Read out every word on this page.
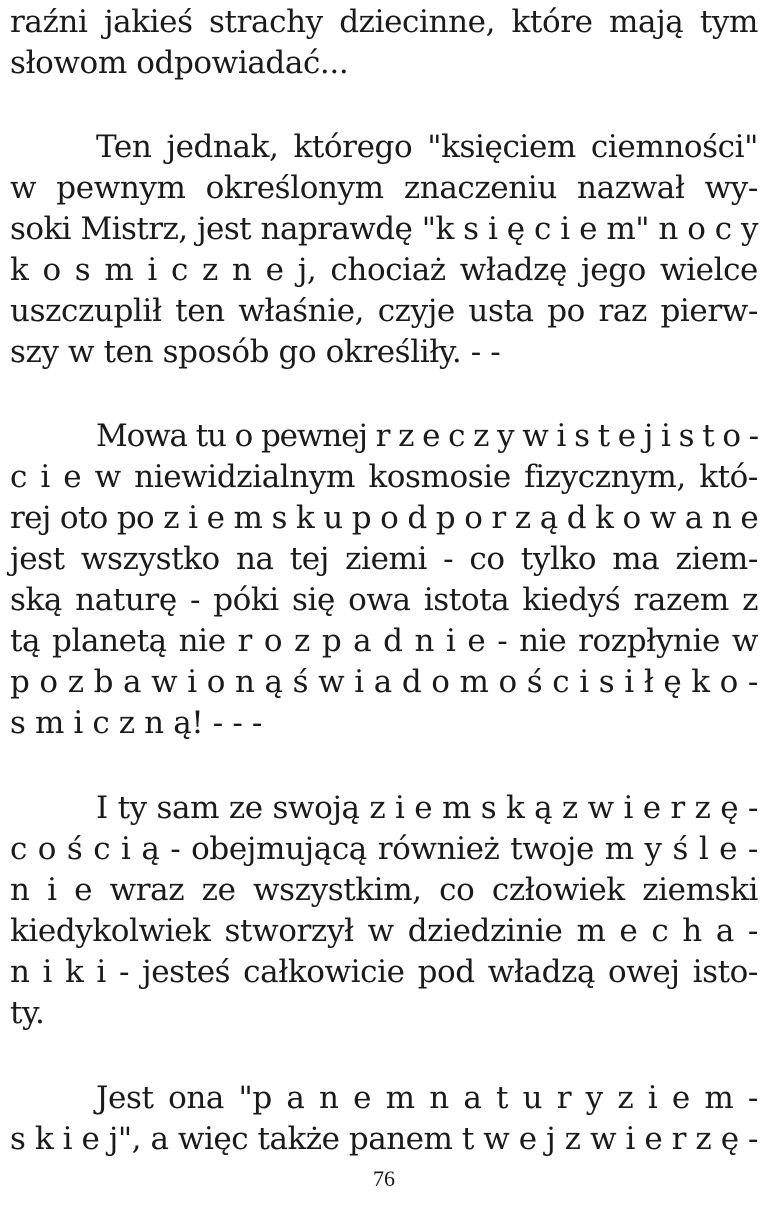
raźni jakieś strachy dziecinne, które mają tym
słowom odpowiadać...
Ten jednak, którego "księciem ciemności"
w pewnym określonym znaczeniu nazwał wy-
soki Mistrz, jest naprawdę "k s i ę c i e m" n o c y
k o s m i c z n e j, chociaż władzę jego wielce
uszczuplił ten właśnie, czyje usta po raz pierw-
szy w ten sposób go określiły. - -
Mowa tu o pewnej r z e c z y w i s t e j i s t o -
c i e w niewidzialnym kosmosie fizycznym, któ-
rej oto po z i e m s k u p o d p o r z ą d k o w a n e
jest wszystko na tej ziemi - co tylko ma ziem-
ską naturę - póki się owa istota kiedyś razem z
tą planetą nie r o z p a d n i e - nie rozpłynie w
p o z b a w i o n ą ś w i a d o m o ś c i s i ł ę k o -
s m i c z n ą! - - -
I ty sam ze swoją z i e m s k ą z w i e r z ę -
c o ś c i ą - obejmującą również twoje m y ś l e -
n i e wraz ze wszystkim, co człowiek ziemski
kiedykolwiek stworzył w dziedzinie m e c h a -
n i k i - jesteś całkowicie pod władzą owej isto-
ty.
Jest ona "p a n e m n a t u r y z i e m -
s k i e j", a więc także panem t w e j z w i e r z ę -
76
